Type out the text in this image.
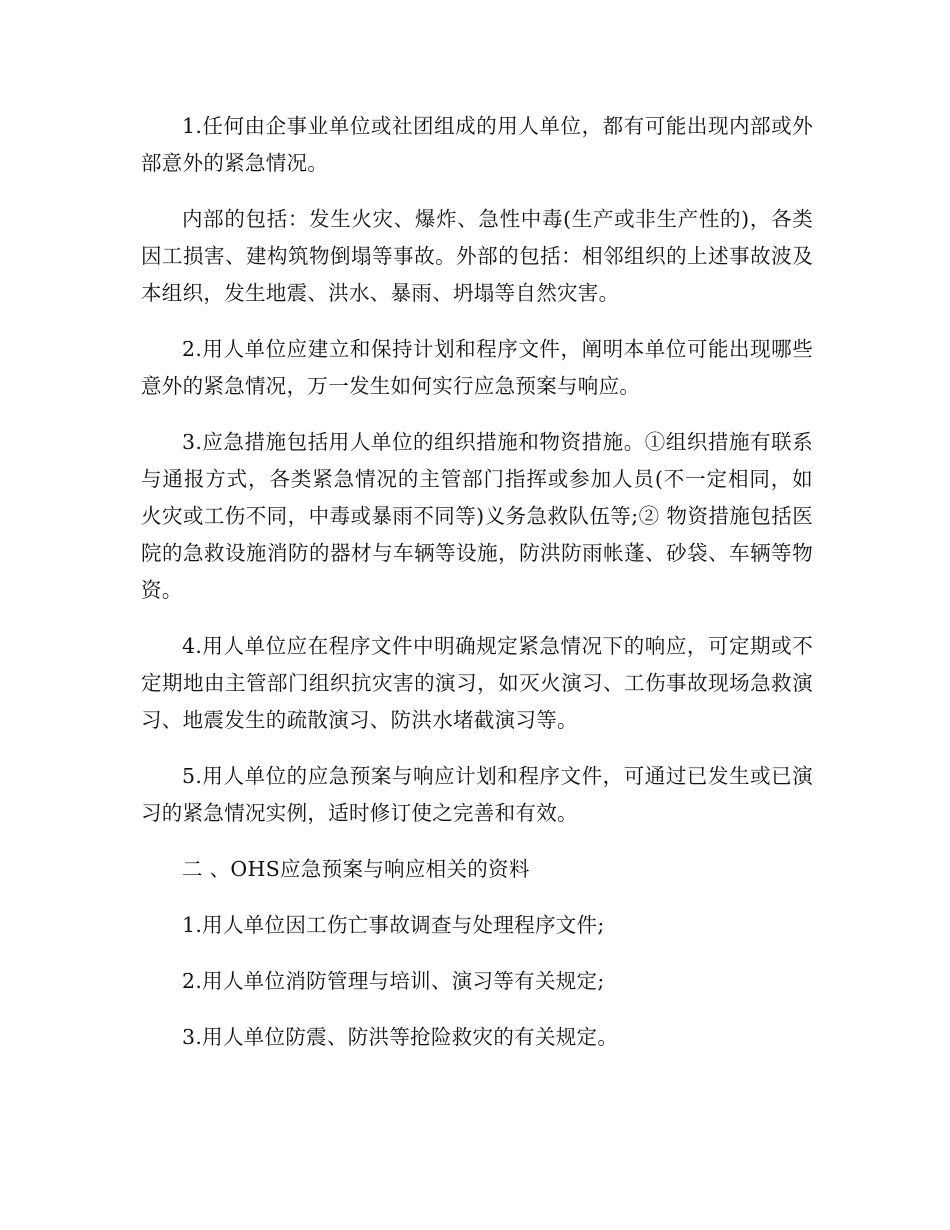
1.任何由企事业单位或社团组成的用人单位，都有可能出现内部或外部意外的紧急情况。

内部的包括：发生火灾、爆炸、急性中毒(生产或非生产性的)，各类因工损害、建构筑物倒塌等事故。外部的包括：相邻组织的上述事故波及本组织，发生地震、洪水、暴雨、坍塌等自然灾害。

2.用人单位应建立和保持计划和程序文件，阐明本单位可能出现哪些意外的紧急情况，万一发生如何实行应急预案与响应。

3.应急措施包括用人单位的组织措施和物资措施。①组织措施有联系与通报方式，各类紧急情况的主管部门指挥或参加人员(不一定相同，如火灾或工伤不同，中毒或暴雨不同等)义务急救队伍等;② 物资措施包括医院的急救设施消防的器材与车辆等设施，防洪防雨帐蓬、砂袋、车辆等物资。

4.用人单位应在程序文件中明确规定紧急情况下的响应，可定期或不定期地由主管部门组织抗灾害的演习，如灭火演习、工伤事故现场急救演习、地震发生的疏散演习、防洪水堵截演习等。

5.用人单位的应急预案与响应计划和程序文件，可通过已发生或已演习的紧急情况实例，适时修订使之完善和有效。

二 、OHS应急预案与响应相关的资料

1.用人单位因工伤亡事故调查与处理程序文件;

2.用人单位消防管理与培训、演习等有关规定;

3.用人单位防震、防洪等抢险救灾的有关规定。
